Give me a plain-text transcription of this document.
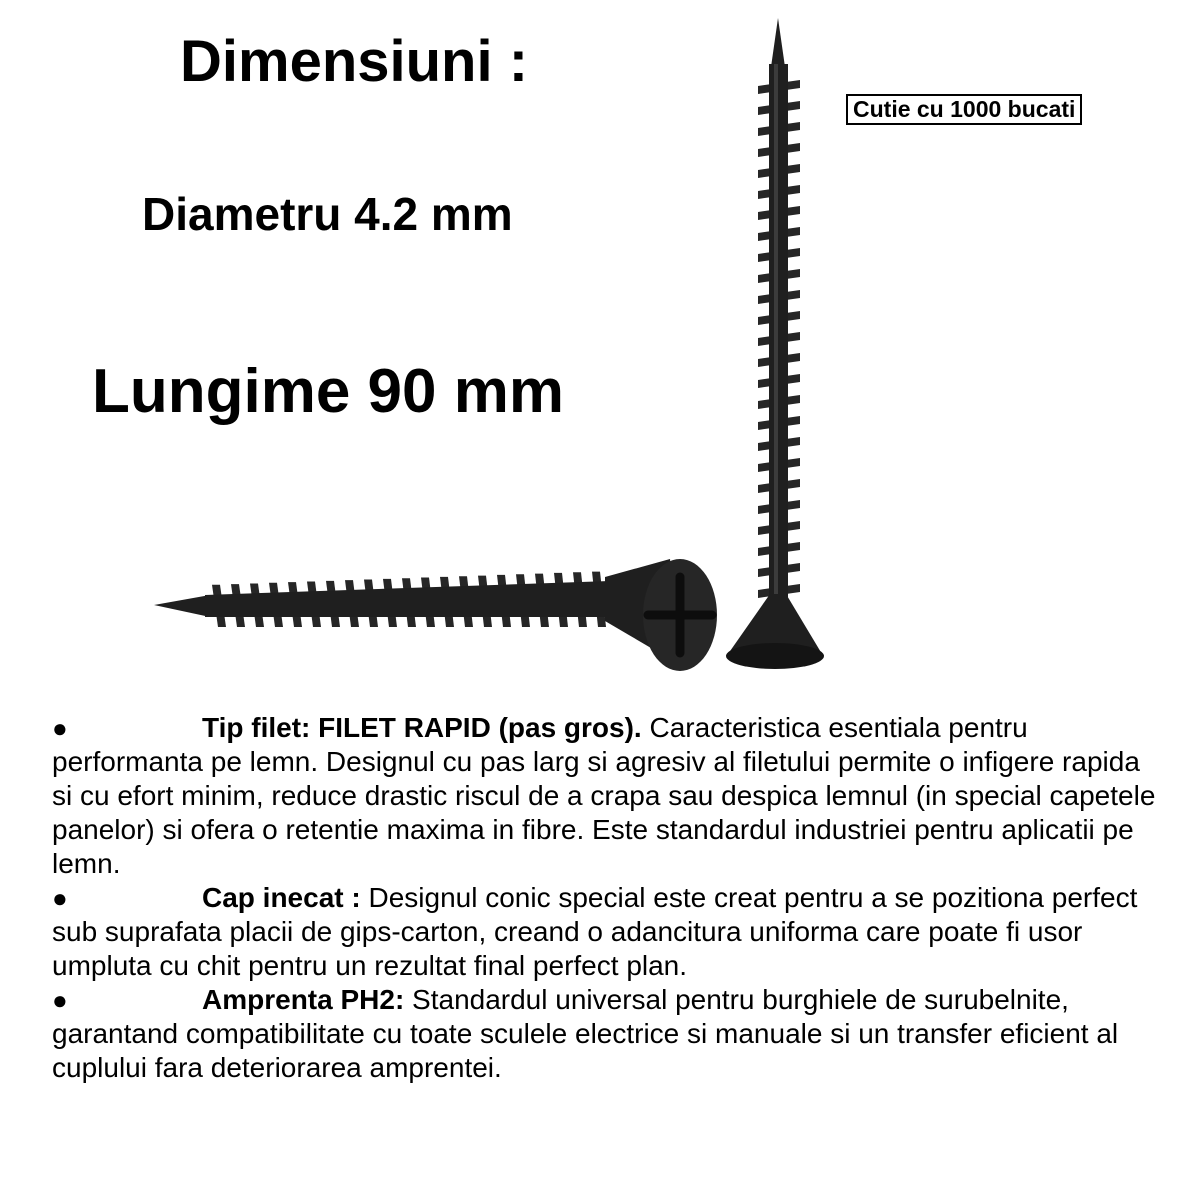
Dimensiuni :
Diametru 4.2 mm
Lungime 90 mm
Cutie cu 1000 bucati

●	Tip filet: FILET RAPID (pas gros). Caracteristica esentiala pentru performanta pe lemn. Designul cu pas larg si agresiv al filetului permite o infigere rapida si cu efort minim, reduce drastic riscul de a crapa sau despica lemnul (in special capetele panelor) si ofera o retentie maxima in fibre. Este standardul industriei pentru aplicatii pe lemn.

●	Cap inecat : Designul conic special este creat pentru a se pozitiona perfect sub suprafata placii de gips-carton, creand o adancitura uniforma care poate fi usor umpluta cu chit pentru un rezultat final perfect plan.

●	Amprenta PH2: Standardul universal pentru burghiele de surubelnite, garantand compatibilitate cu toate sculele electrice si manuale si un transfer eficient al cuplului fara deteriorarea amprentei.
